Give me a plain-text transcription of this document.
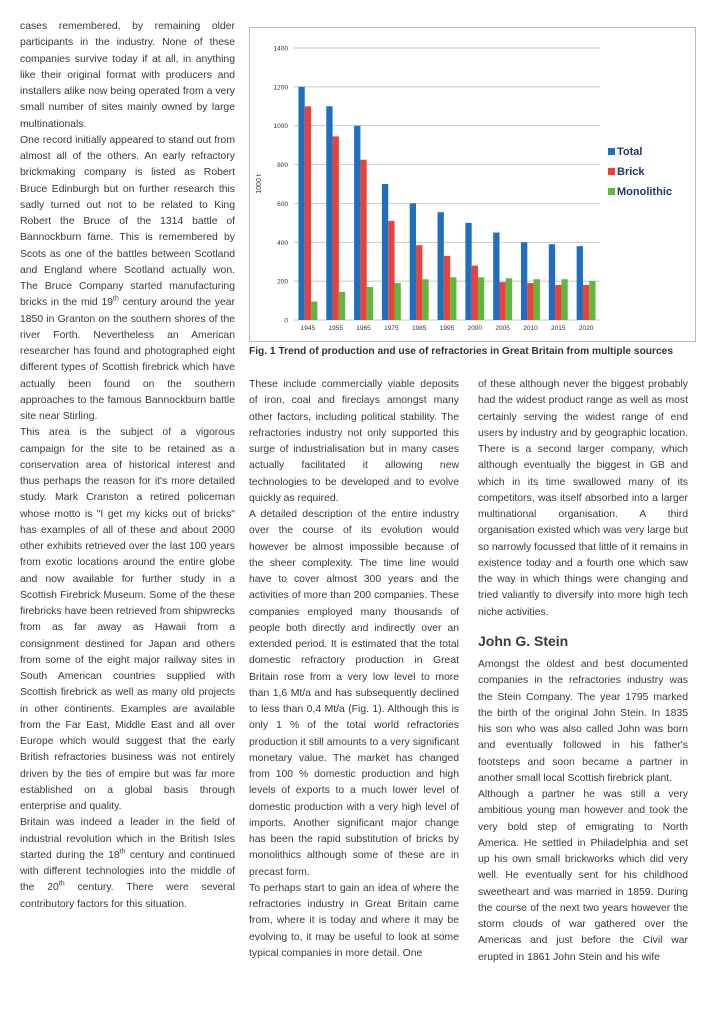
cases remembered, by remaining older participants in the industry. None of these companies survive today if at all, in anything like their original format with producers and installers alike now being operated from a very small number of sites mainly owned by large multinationals.

One record initially appeared to stand out from almost all of the others. An early refractory brickmaking company is listed as Robert Bruce Edinburgh but on further research this sadly turned out not to be related to King Robert the Bruce of the 1314 battle of Bannockburn fame. This is remembered by Scots as one of the battles between Scotland and England where Scotland actually won. The Bruce Company started manufacturing bricks in the mid 19th century around the year 1850 in Granton on the southern shores of the river Forth. Nevertheless an American researcher has found and photographed eight different types of Scottish firebrick which have actually been found on the southern approaches to the famous Bannockburn battle site near Stirling.

This area is the subject of a vigorous campaign for the site to be retained as a conservation area of historical interest and thus perhaps the reason for it's more detailed study. Mark Cranston a retired policeman whose motto is "I get my kicks out of bricks" has examples of all of these and about 2000 other exhibits retrieved over the last 100 years from exotic locations around the entire globe and now available for further study in a Scottish Firebrick Museum. Some of the these firebricks have been retrieved from shipwrecks from as far away as Hawaii from a consignment destined for Japan and others from some of the eight major railway sites in South American countries supplied with Scottish firebrick as well as many old projects in other continents. Examples are available from the Far East, Middle East and all over Europe which would suggest that the early British refractories business was not entirely driven by the ties of empire but was far more established on a global basis through enterprise and quality.

Britain was indeed a leader in the field of industrial revolution which in the British Isles started during the 18th century and continued with different technologies into the middle of the 20th century. There were several contributory factors for this situation.

0
200
400
600
800
1000
1200
1400
1000 t
1945 1955 1965 1975 1985 1995 2000 2005 2010 2015 2020
Total
Brick
Monolithic
Fig. 1 Trend of production and use of refractories in Great Britain from multiple sources

These include commercially viable deposits of iron, coal and fireclays amongst many other factors, including political stability. The refractories industry not only supported this surge of industrialisation but in many cases actually facilitated it allowing new technologies to be developed and to evolve quickly as required.

A detailed description of the entire industry over the course of its evolution would however be almost impossible because of the sheer complexity. The time line would have to cover almost 300 years and the activities of more than 200 companies. These companies employed many thousands of people both directly and indirectly over an extended period. It is estimated that the total domestic refractory production in Great Britain rose from a very low level to more than 1,6 Mt/a and has subsequently declined to less than 0,4 Mt/a (Fig. 1). Although this is only 1 % of the total world refractories production it still amounts to a very significant monetary value. The market has changed from 100 % domestic production and high levels of exports to a much lower level of domestic production with a very high level of imports. Another significant major change has been the rapid substitution of bricks by monolithics although some of these are in precast form.

To perhaps start to gain an idea of where the refractories industry in Great Britain came from, where it is today and where it may be evolving to, it may be useful to look at some typical companies in more detail. One

of these although never the biggest probably had the widest product range as well as most certainly serving the widest range of end users by industry and by geographic location. There is a second larger company, which although eventually the biggest in GB and which in its time swallowed many of its competitors, was itself absorbed into a larger multinational organisation. A third organisation existed which was very large but so narrowly focussed that little of it remains in existence today and a fourth one which saw the way in which things were changing and tried valiantly to diversify into more high tech niche activities.

John G. Stein

Amongst the oldest and best documented companies in the refractories industry was the Stein Company. The year 1795 marked the birth of the original John Stein. In 1835 his son who was also called John was born and eventually followed in his father's footsteps and soon became a partner in another small local Scottish firebrick plant.

Although a partner he was still a very ambitious young man however and took the very bold step of emigrating to North America. He settled in Philadelphia and set up his own small brickworks which did very well. He eventually sent for his childhood sweetheart and was married in 1859. During the course of the next two years however the storm clouds of war gathered over the Americas and just before the Civil war erupted in 1861 John Stein and his wife
